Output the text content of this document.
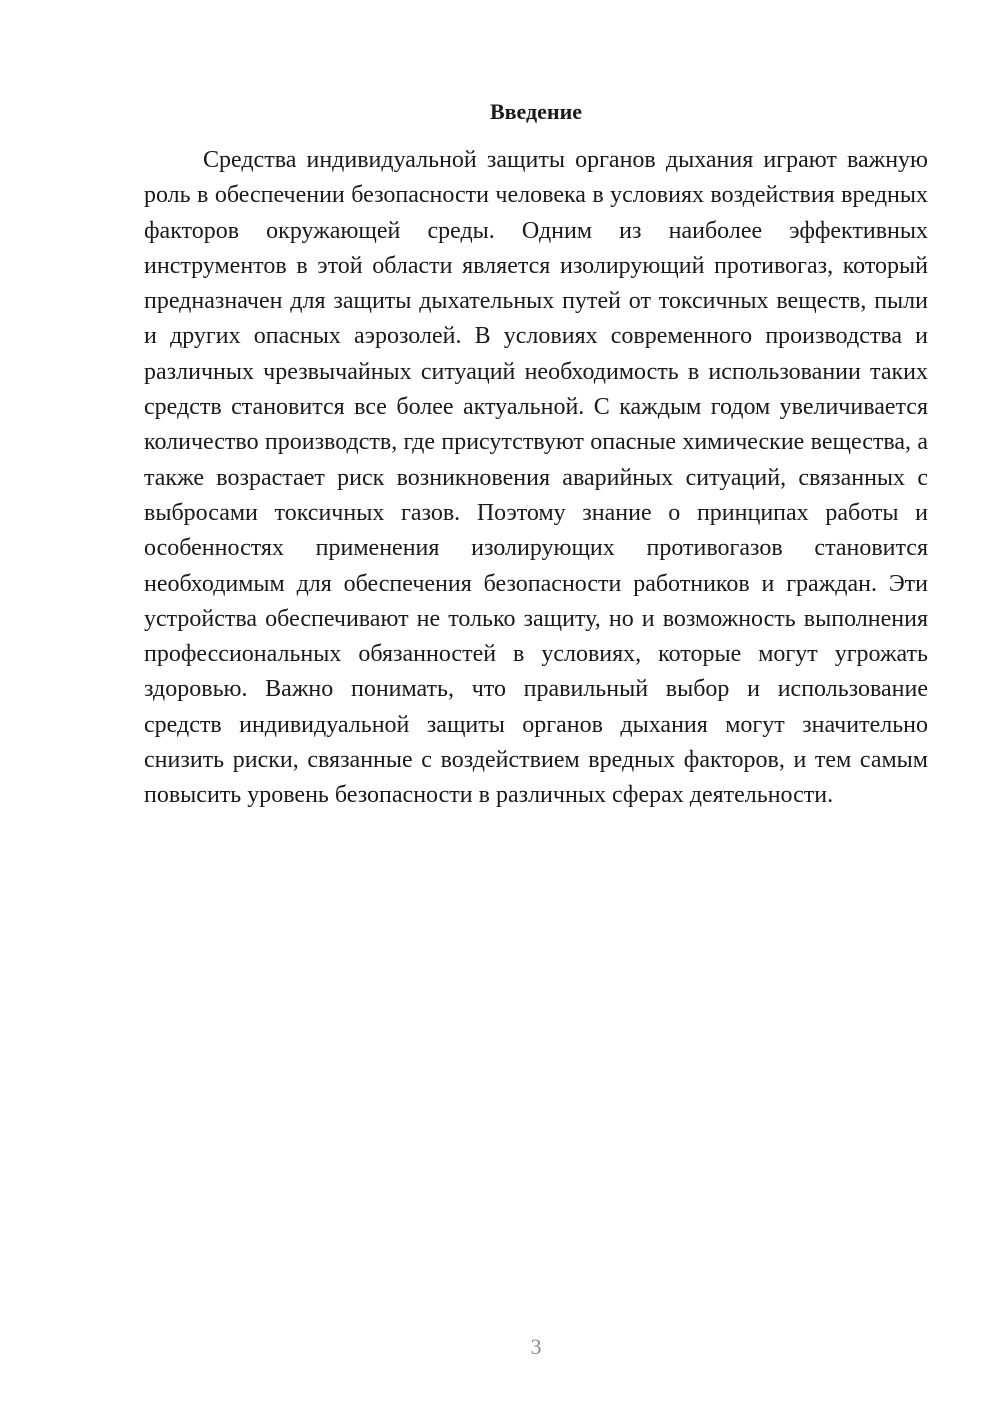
Введение

Средства индивидуальной защиты органов дыхания играют важную роль в обеспечении безопасности человека в условиях воздействия вредных факторов окружающей среды. Одним из наиболее эффективных инструментов в этой области является изолирующий противогаз, который предназначен для защиты дыхательных путей от токсичных веществ, пыли и других опасных аэрозолей. В условиях современного производства и различных чрезвычайных ситуаций необходимость в использовании таких средств становится все более актуальной. С каждым годом увеличивается количество производств, где присутствуют опасные химические вещества, а также возрастает риск возникновения аварийных ситуаций, связанных с выбросами токсичных газов. Поэтому знание о принципах работы и особенностях применения изолирующих противогазов становится необходимым для обеспечения безопасности работников и граждан. Эти устройства обеспечивают не только защиту, но и возможность выполнения профессиональных обязанностей в условиях, которые могут угрожать здоровью. Важно понимать, что правильный выбор и использование средств индивидуальной защиты органов дыхания могут значительно снизить риски, связанные с воздействием вредных факторов, и тем самым повысить уровень безопасности в различных сферах деятельности.

3
